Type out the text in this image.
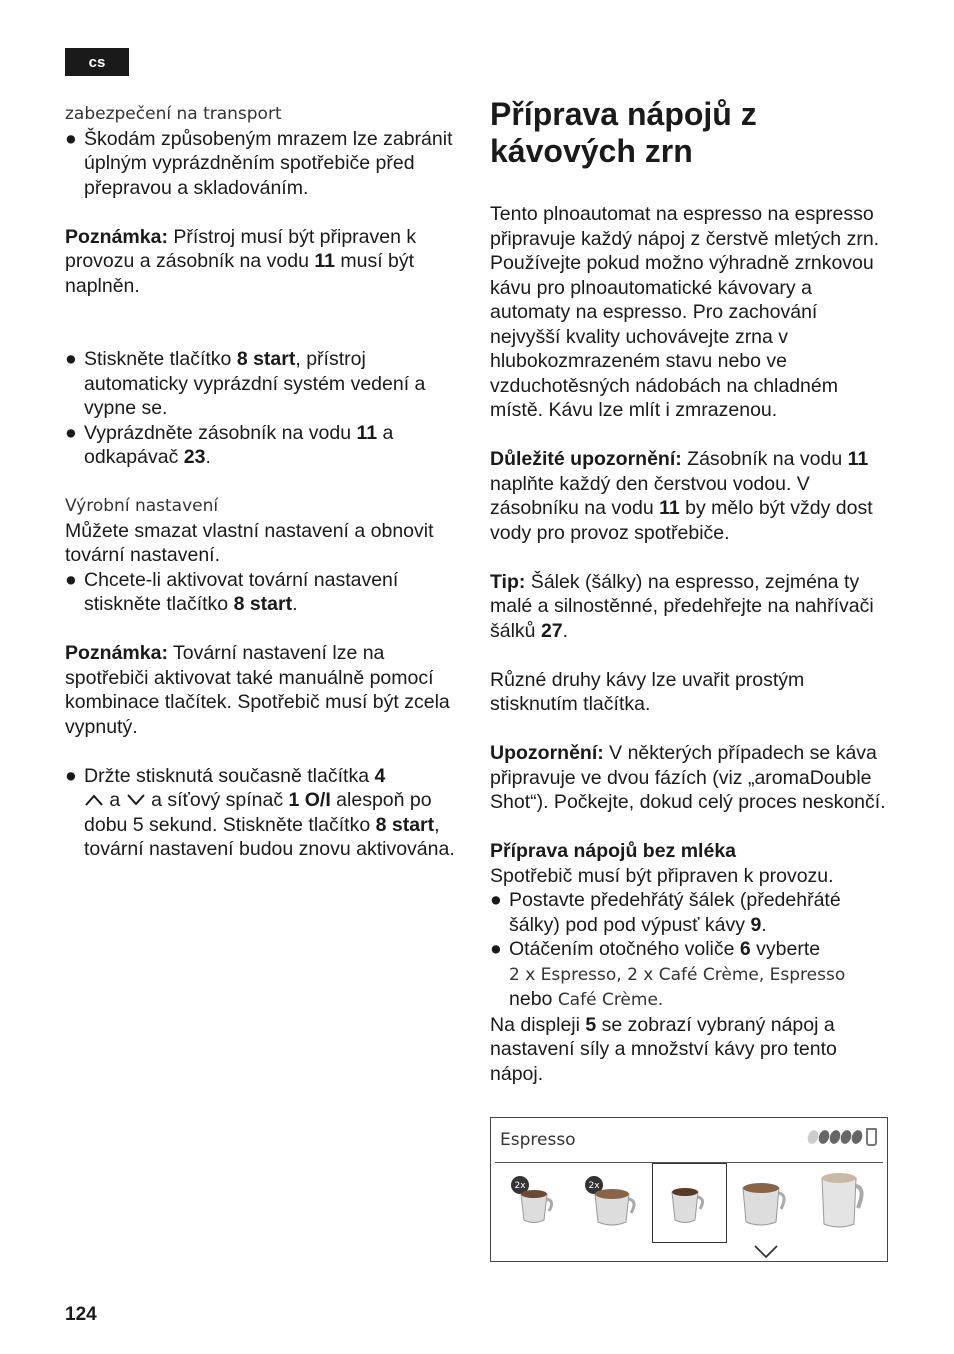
cs

zabezpečení na transport

● Škodám způsobeným mrazem lze zabránit úplným vyprázdněním spotřebiče před přepravou a skladováním.

Poznámka: Přístroj musí být připraven k provozu a zásobník na vodu 11 musí být naplněn.

● Stiskněte tlačítko 8 start, přístroj automaticky vyprázdní systém vedení a vypne se.

● Vyprázdněte zásobník na vodu 11 a odkapávač 23.

Výrobní nastavení

Můžete smazat vlastní nastavení a obnovit tovární nastavení.

● Chcete-li aktivovat tovární nastavení stiskněte tlačítko 8 start.

Poznámka: Tovární nastavení lze na spotřebiči aktivovat také manuálně pomocí kombinace tlačítek. Spotřebič musí být zcela vypnutý.

● Držte stisknutá současně tlačítka 4
a  a síťový spínač 1 O/I alespoň po dobu 5 sekund. Stiskněte tlačítko 8 start, tovární nastavení budou znovu aktivována.

Příprava nápojů z
kávových zrn

Tento plnoautomat na espresso na espresso připravuje každý nápoj z čerstvě mletých zrn. Používejte pokud možno výhradně zrnkovou kávu pro plnoautomatické kávovary a automaty na espresso. Pro zachování nejvyšší kvality uchovávejte zrna v hlubokozmrazeném stavu nebo ve vzduchotěsných nádobách na chladném místě. Kávu lze mlít i zmrazenou.

Důležité upozornění: Zásobník na vodu 11 naplňte každý den čerstvou vodou. V zásobníku na vodu 11 by mělo být vždy dost vody pro provoz spotřebiče.

Tip: Šálek (šálky) na espresso, zejména ty malé a silnostěnné, předehřejte na nahřívači šálků 27.

Různé druhy kávy lze uvařit prostým stisknutím tlačítka.

Upozornění: V některých případech se káva připravuje ve dvou fázích (viz „aromaDouble Shot“). Počkejte, dokud celý proces neskončí.

Příprava nápojů bez mléka

Spotřebič musí být připraven k provozu.

● Postavte předehřátý šálek (předehřáté šálky) pod pod výpusť kávy 9.

● Otáčením otočného voliče 6 vyberte
2 x Espresso, 2 x Café Crème, Espresso
nebo Café Crème.

Na displeji 5 se zobrazí vybraný nápoj a nastavení síly a množství kávy pro tento nápoj.

Espresso
2x	2x
124
